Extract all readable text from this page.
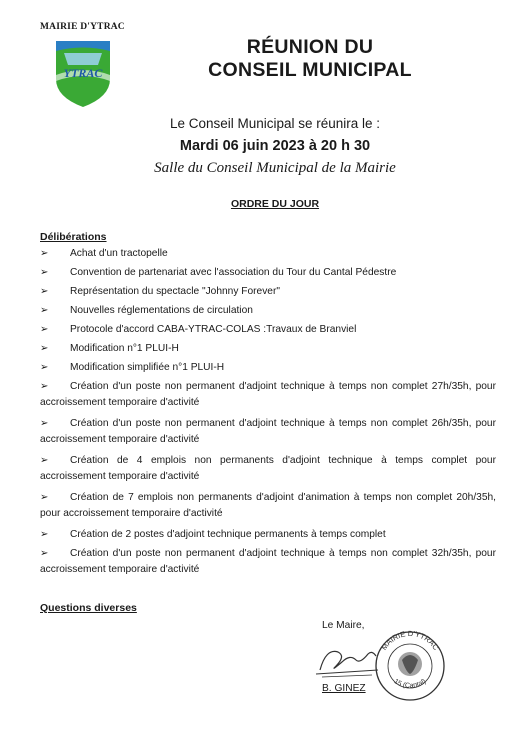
MAIRIE D'YTRAC
YTRAC
RÉUNION DU
CONSEIL MUNICIPAL
Le Conseil Municipal se réunira le :
Mardi 06 juin 2023 à 20 h 30
Salle du Conseil Municipal de la Mairie
ORDRE DU JOUR
Délibérations
➢ Achat d'un tractopelle
➢ Convention de partenariat avec l'association du Tour du Cantal Pédestre
➢ Représentation du spectacle "Johnny Forever"
➢ Nouvelles réglementations de circulation
➢ Protocole d'accord CABA-YTRAC-COLAS :Travaux de Branviel
➢ Modification n°1 PLUI-H
➢ Modification simplifiée n°1 PLUI-H
➢ Création d'un poste non permanent d'adjoint technique à temps non complet 27h/35h, pour accroissement temporaire d'activité
➢ Création d'un poste non permanent d'adjoint technique à temps non complet 26h/35h, pour accroissement temporaire d'activité
➢ Création de 4 emplois non permanents d'adjoint technique à temps complet pour accroissement temporaire d'activité
➢ Création de 7 emplois non permanents d'adjoint d'animation à temps non complet 20h/35h, pour accroissement temporaire d'activité
➢ Création de 2 postes d'adjoint technique permanents à temps complet
➢ Création d'un poste non permanent d'adjoint technique à temps non complet 32h/35h, pour accroissement temporaire d'activité
Questions diverses
Le Maire,
MAIRIE D'YTRAC
15 (Cantal)
B. GINEZ
